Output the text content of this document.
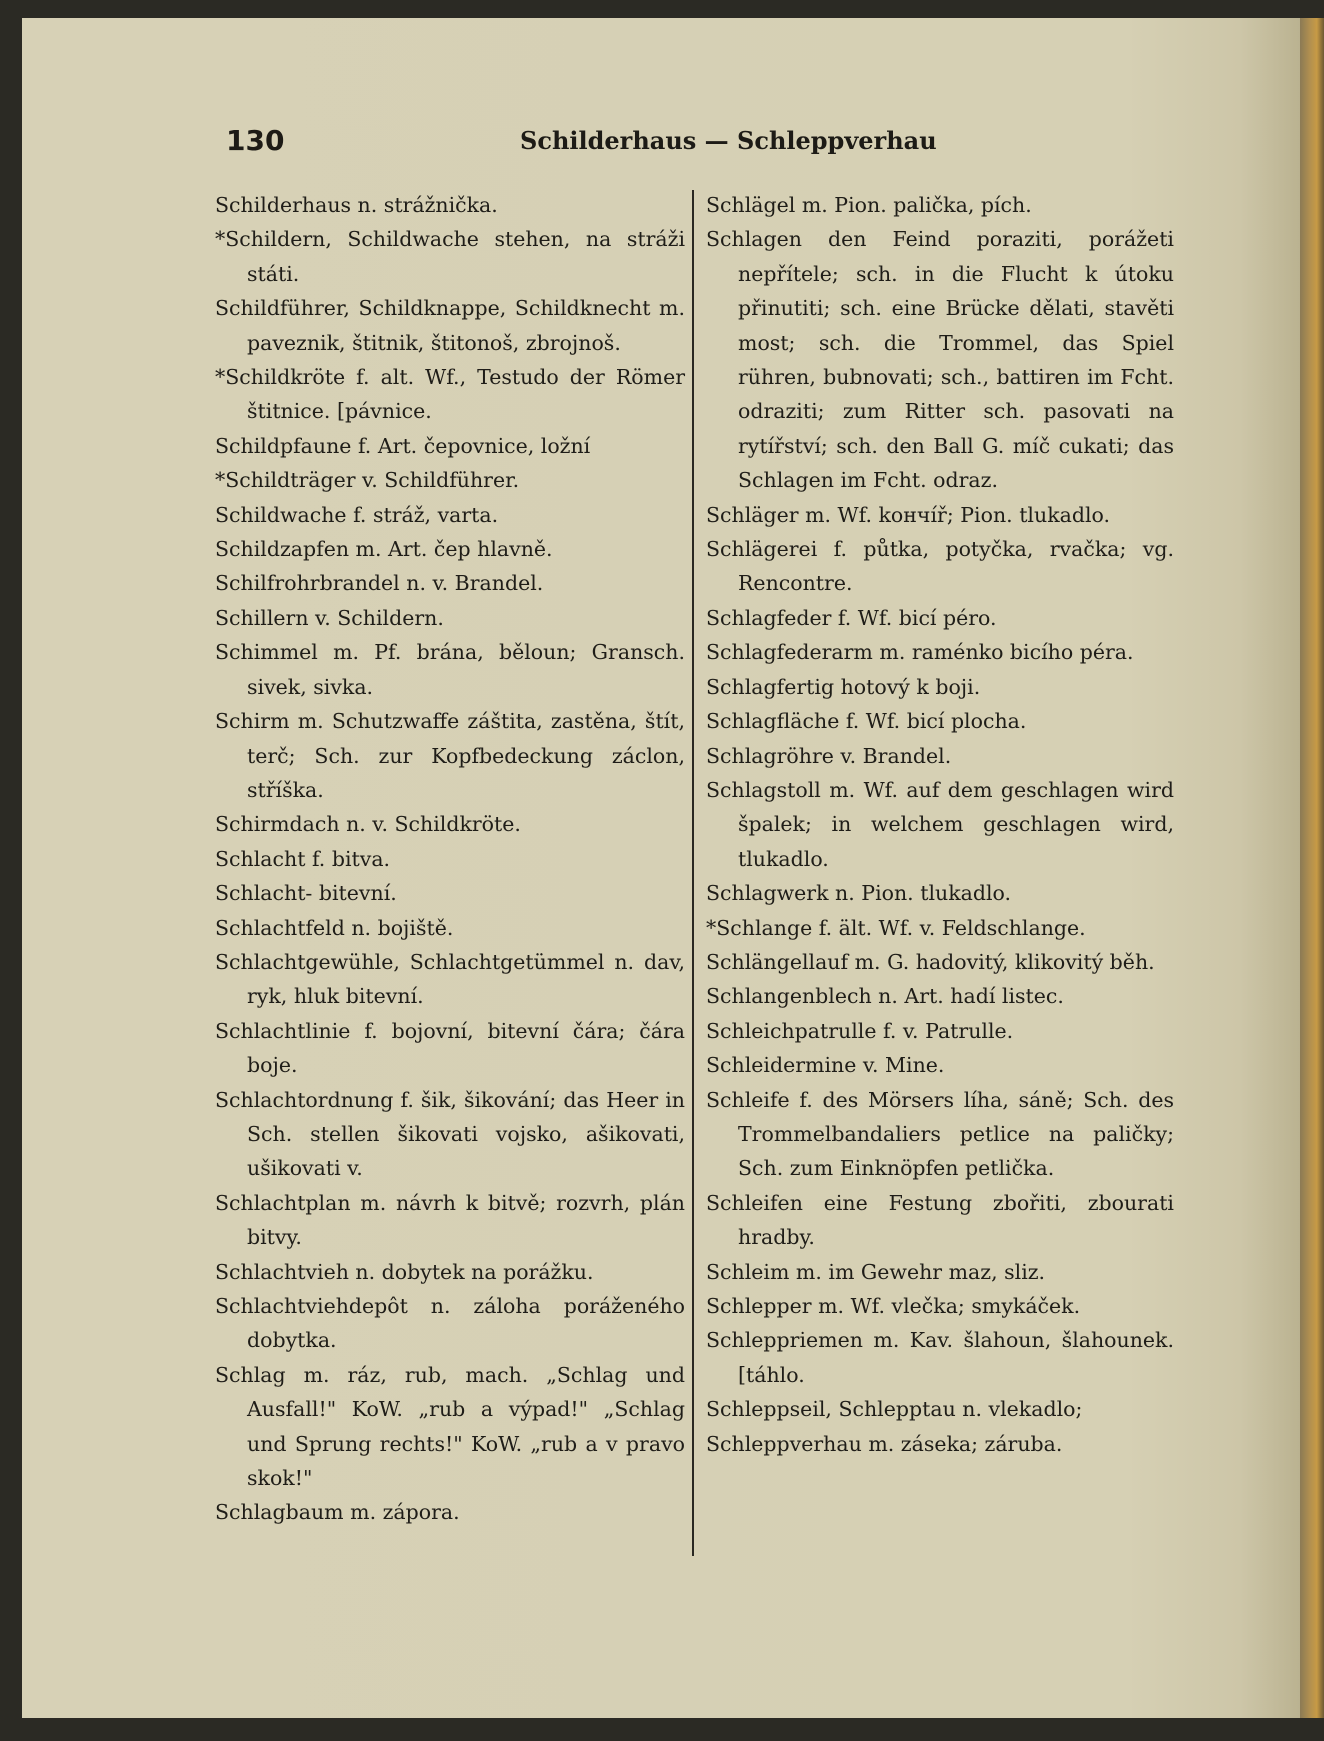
130	Schilderhaus — Schleppverhau
Schilderhaus n. strážnička.
*Schildern, Schildwache stehen, na stráži státi.
Schildführer, Schildknappe, Schildknecht m. paveznik, štitnik, štitonoš, zbrojnoš.
*Schildkröte f. alt. Wf., Testudo der Römer štitnice. [pávnice.
Schildpfaune f. Art. čepovnice, ložní
*Schildträger v. Schildführer.
Schildwache f. stráž, varta.
Schildzapfen m. Art. čep hlavně.
Schilfrohrbrandel n. v. Brandel.
Schillern v. Schildern.
Schimmel m. Pf. brána, běloun; Gransch. sivek, sivka.
Schirm m. Schutzwaffe záštita, zastěna, štít, terč; Sch. zur Kopfbedeckung záclon, stříška.
Schirmdach n. v. Schildkröte.
Schlacht f. bitva.
Schlacht- bitevní.
Schlachtfeld n. bojiště.
Schlachtgewühle, Schlachtgetümmel n. dav, ryk, hluk bitevní.
Schlachtlinie f. bojovní, bitevní čára; čára boje.
Schlachtordnung f. šik, šikování; das Heer in Sch. stellen šikovati vojsko, ašikovati, ušikovati v.
Schlachtplan m. návrh k bitvě; rozvrh, plán bitvy.
Schlachtvieh n. dobytek na porážku.
Schlachtviehdepôt n. záloha poráženého dobytka.
Schlag m. ráz, rub, mach. „Schlag und Ausfall!" KoW. „rub a výpad!" „Schlag und Sprung rechts!" KoW. „rub a v pravo skok!"
Schlagbaum m. zápora.
Schlägel m. Pion. palička, pích.
Schlagen den Feind poraziti, porážeti nepřítele; sch. in die Flucht k útoku přinutiti; sch. eine Brücke dělati, stavěti most; sch. die Trommel, das Spiel rühren, bubnovati; sch., battiren im Fcht. odraziti; zum Ritter sch. pasovati na rytířství; sch. den Ball G. míč cukati; das Schlagen im Fcht. odraz.
Schläger m. Wf. kончíř; Pion. tlukadlo.
Schlägerei f. půtka, potyčka, rvačka; vg. Rencontre.
Schlagfeder f. Wf. bicí péro.
Schlagfederarm m. raménko bicího péra.
Schlagfertig hotový k boji.
Schlagfläche f. Wf. bicí plocha.
Schlagröhre v. Brandel.
Schlagstoll m. Wf. auf dem geschlagen wird špalek; in welchem geschlagen wird, tlukadlo.
Schlagwerk n. Pion. tlukadlo.
*Schlange f. ält. Wf. v. Feldschlange.
Schlängellauf m. G. hadovitý, klikovitý běh.
Schlangenblech n. Art. hadí listec.
Schleichpatrulle f. v. Patrulle.
Schleidermine v. Mine.
Schleife f. des Mörsers líha, sáně; Sch. des Trommelbandaliers petlice na paličky; Sch. zum Einknöpfen petlička.
Schleifen eine Festung zbořiti, zbourati hradby.
Schleim m. im Gewehr maz, sliz.
Schlepper m. Wf. vlečka; smykáček.
Schleppriemen m. Kav. šlahoun, šlahounek. [táhlo.
Schleppseil, Schlepptau n. vlekadlo;
Schleppverhau m. záseka; záruba.
